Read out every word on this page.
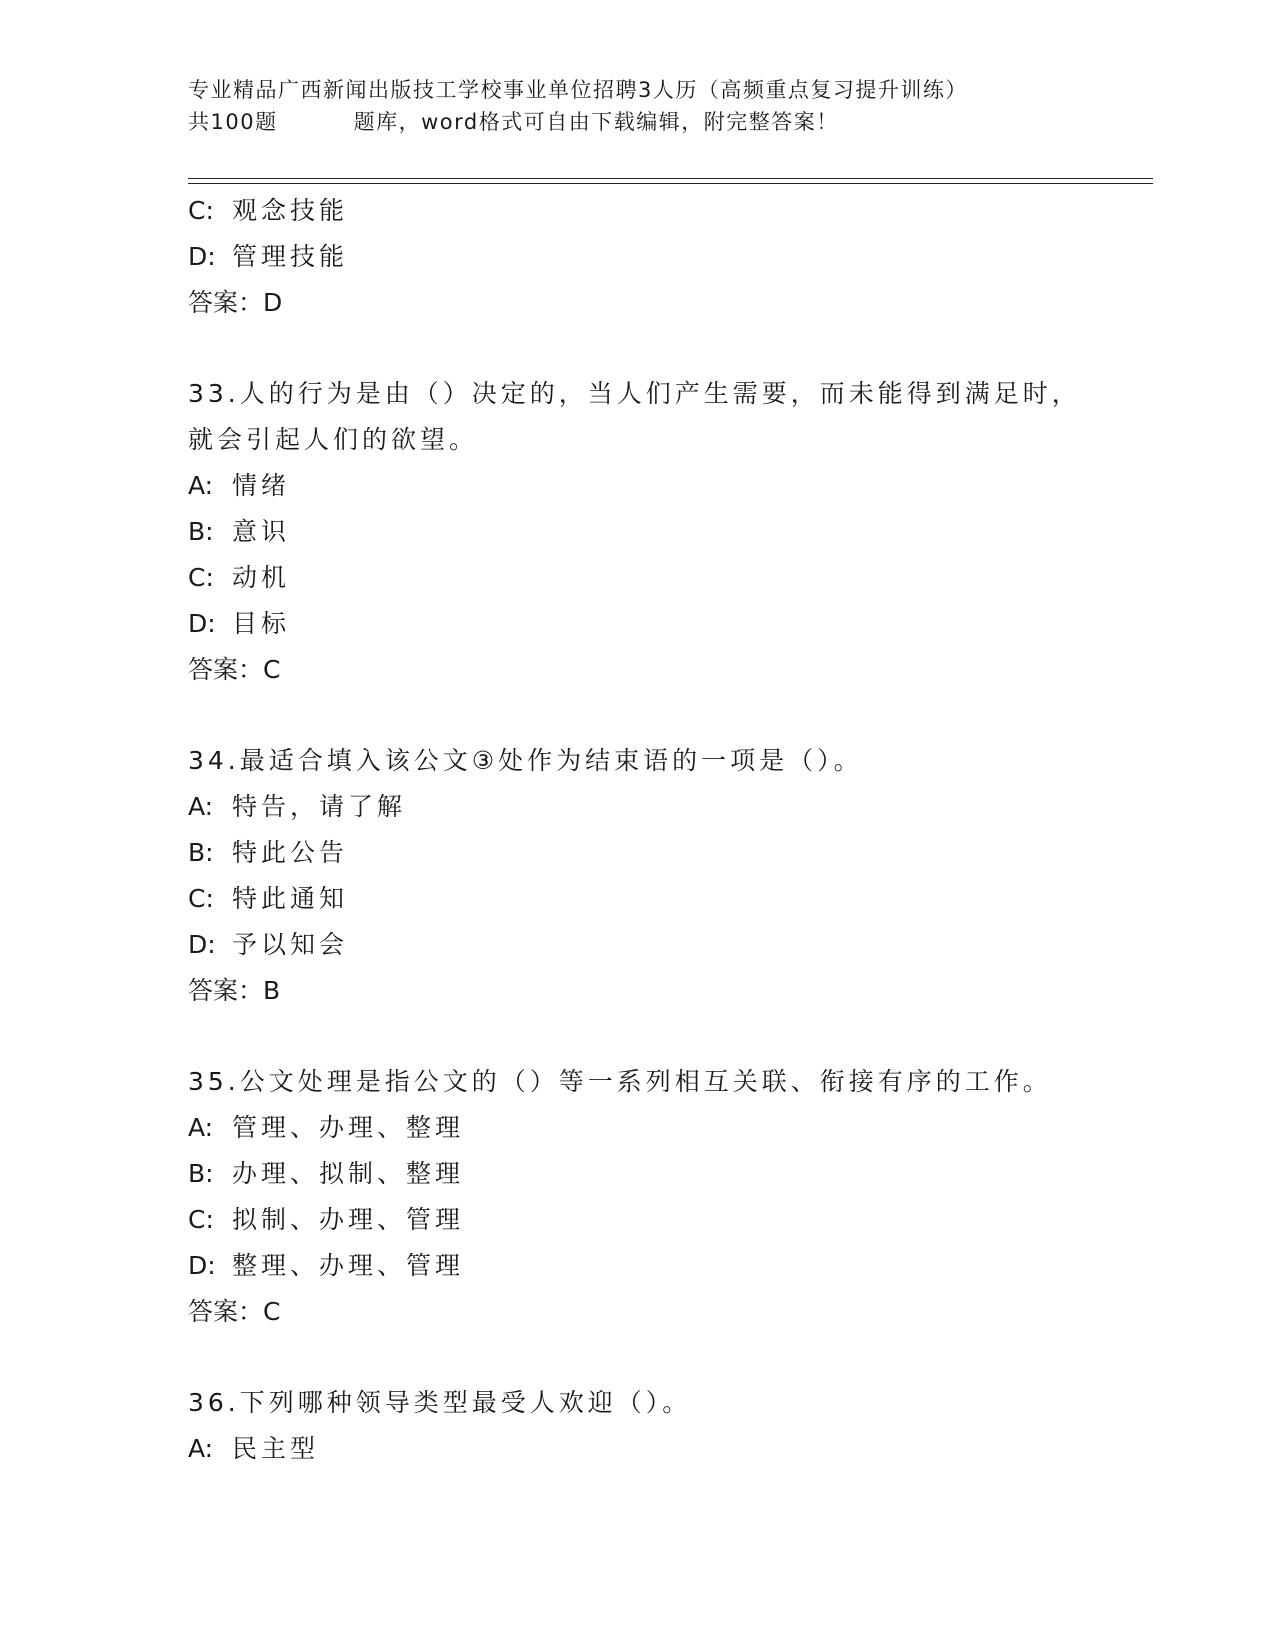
专业精品广西新闻出版技工学校事业单位招聘3人历（高频重点复习提升训练）
共100题	题库，word格式可自由下载编辑，附完整答案！
C: 观念技能
D: 管理技能
答案：D
33.人的行为是由（）决定的，当人们产生需要，而未能得到满足时，就会引起人们的欲望。
A: 情绪
B: 意识
C: 动机
D: 目标
答案：C
34.最适合填入该公文③处作为结束语的一项是（）。
A: 特告，请了解
B: 特此公告
C: 特此通知
D: 予以知会
答案：B
35.公文处理是指公文的（）等一系列相互关联、衔接有序的工作。
A: 管理、办理、整理
B: 办理、拟制、整理
C: 拟制、办理、管理
D: 整理、办理、管理
答案：C
36.下列哪种领导类型最受人欢迎（）。
A: 民主型
